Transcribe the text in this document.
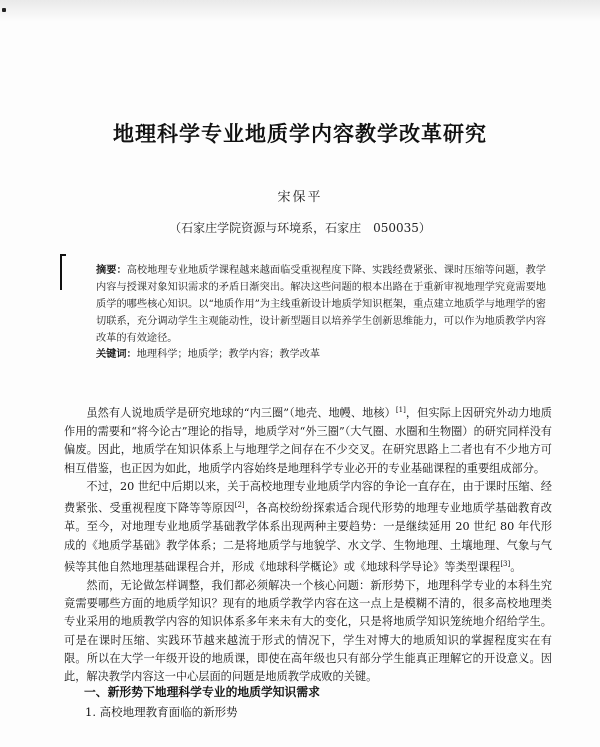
地理科学专业地质学内容教学改革研究
宋保平
（石家庄学院资源与环境系，石家庄　050035）
摘要：高校地理专业地质学课程越来越面临受重视程度下降、实践经费紧张、课时压缩等问题，教学内容与授课对象知识需求的矛盾日渐突出。解决这些问题的根本出路在于重新审视地理学究竟需要地质学的哪些核心知识。以“地质作用”为主线重新设计地质学知识框架，重点建立地质学与地理学的密切联系，充分调动学生主观能动性，设计新型题目以培养学生创新思维能力，可以作为地质教学内容改革的有效途径。
关键词：地理科学；地质学；教学内容；教学改革

虽然有人说地质学是研究地球的“内三圈”（地壳、地幔、地核）[1]，但实际上因研究外动力地质作用的需要和“将今论古”理论的指导，地质学对“外三圈”（大气圈、水圈和生物圈）的研究同样没有偏废。因此，地质学在知识体系上与地理学之间存在不少交叉。在研究思路上二者也有不少地方可相互借鉴，也正因为如此，地质学内容始终是地理科学专业必开的专业基础课程的重要组成部分。

不过，20 世纪中后期以来，关于高校地理专业地质学内容的争论一直存在，由于课时压缩、经费紧张、受重视程度下降等等原因[2]，各高校纷纷探索适合现代形势的地理专业地质学基础教育改革。至今，对地理专业地质学基础教学体系出现两种主要趋势：一是继续延用 20 世纪 80 年代形成的《地质学基础》教学体系；二是将地质学与地貌学、水文学、生物地理、土壤地理、气象与气候等其他自然地理基础课程合并，形成《地球科学概论》或《地球科学导论》等类型课程[3]。

然而，无论做怎样调整，我们都必须解决一个核心问题：新形势下，地理科学专业的本科生究竟需要哪些方面的地质学知识？现有的地质学教学内容在这一点上是模糊不清的，很多高校地理类专业采用的地质教学内容的知识体系多年来未有大的变化，只是将地质学知识笼统地介绍给学生。可是在课时压缩、实践环节越来越流于形式的情况下，学生对博大的地质知识的掌握程度实在有限。所以在大学一年级开设的地质课，即使在高年级也只有部分学生能真正理解它的开设意义。因此，解决教学内容这一中心层面的问题是地质教学成败的关键。

一、新形势下地理科学专业的地质学知识需求
1. 高校地理教育面临的新形势
